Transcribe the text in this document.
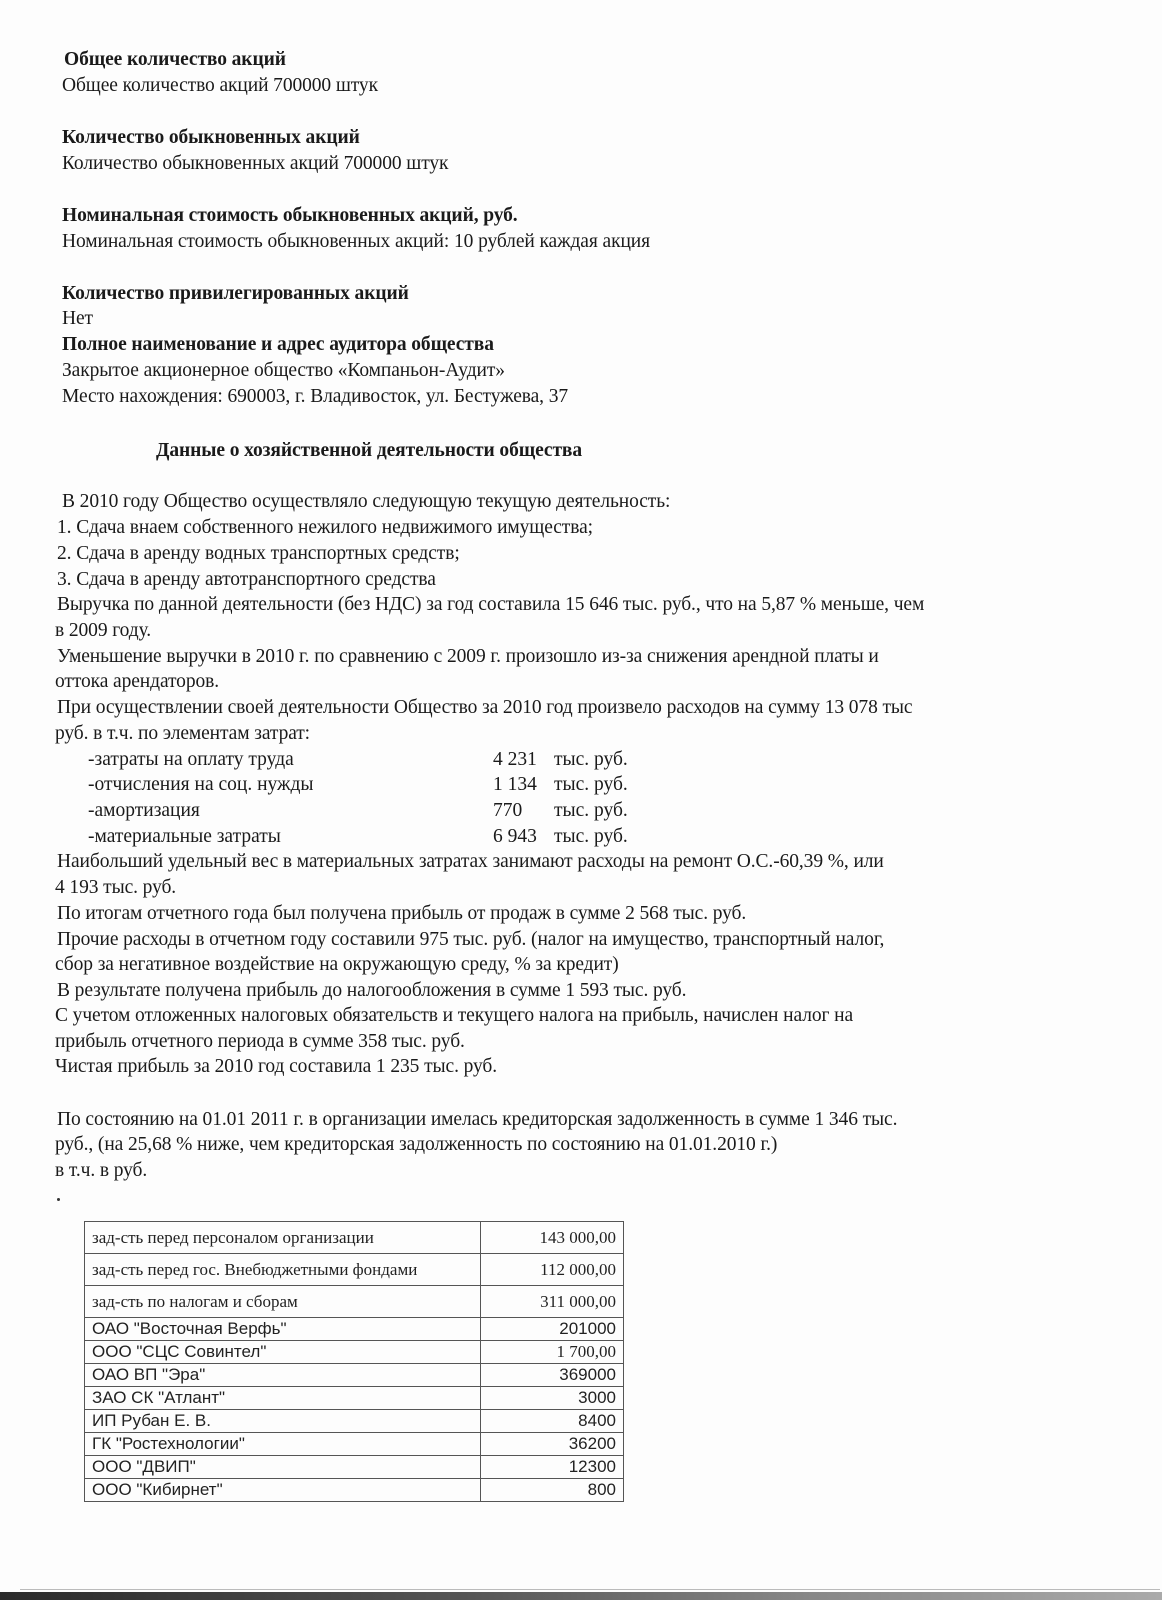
Общее количество акций
Общее количество акций 700000 штук
Количество обыкновенных акций
Количество обыкновенных акций 700000 штук
Номинальная стоимость обыкновенных акций, руб.
Номинальная стоимость обыкновенных акций: 10 рублей каждая акция
Количество привилегированных акций
Нет
Полное наименование и адрес аудитора общества
Закрытое акционерное общество «Компаньон-Аудит»
Место нахождения: 690003, г. Владивосток, ул. Бестужева, 37
Данные о хозяйственной деятельности общества
В 2010 году Общество осуществляло следующую текущую деятельность:
1. Сдача внаем собственного нежилого недвижимого имущества;
2. Сдача в аренду водных транспортных средств;
3. Сдача в аренду автотранспортного средства
Выручка по данной деятельности (без НДС) за год составила 15 646 тыс. руб., что на 5,87 % меньше, чем
в 2009 году.
Уменьшение выручки в 2010 г. по сравнению с 2009 г. произошло из-за снижения арендной платы и
оттока арендаторов.
При осуществлении своей деятельности Общество за 2010 год произвело расходов на сумму 13 078 тыс
руб. в т.ч. по элементам затрат:
-затраты на оплату труда	4 231 тыс. руб.
-отчисления на соц. нужды	1 134 тыс. руб.
-амортизация	770 тыс. руб.
-материальные затраты	6 943 тыс. руб.
Наибольший удельный вес в материальных затратах занимают расходы на ремонт О.С.-60,39 %, или
4 193 тыс. руб.
По итогам отчетного года был получена прибыль от продаж в сумме 2 568 тыс. руб.
Прочие расходы в отчетном году составили 975 тыс. руб. (налог на имущество, транспортный налог,
сбор за негативное воздействие на окружающую среду, % за кредит)
В результате получена прибыль до налогообложения в сумме 1 593 тыс. руб.
С учетом отложенных налоговых обязательств и текущего налога на прибыль, начислен налог на
прибыль отчетного периода в сумме 358 тыс. руб.
Чистая прибыль за 2010 год составила 1 235 тыс. руб.
По состоянию на 01.01 2011 г. в организации имелась кредиторская задолженность в сумме 1 346 тыс.
руб., (на 25,68 % ниже, чем кредиторская задолженность по состоянию на 01.01.2010 г.)
в т.ч. в руб.
зад-сть перед персоналом организации	143 000,00
зад-сть перед гос. Внебюджетными фондами	112 000,00
зад-сть по налогам и сборам	311 000,00
ОАО "Восточная Верфь"	201000
ООО "СЦС Совинтел"	1 700,00
ОАО ВП "Эра"	369000
ЗАО СК "Атлант"	3000
ИП Рубан Е. В.	8400
ГК "Ростехнологии"	36200
ООО "ДВИП"	12300
ООО "Кибирнет"	800
